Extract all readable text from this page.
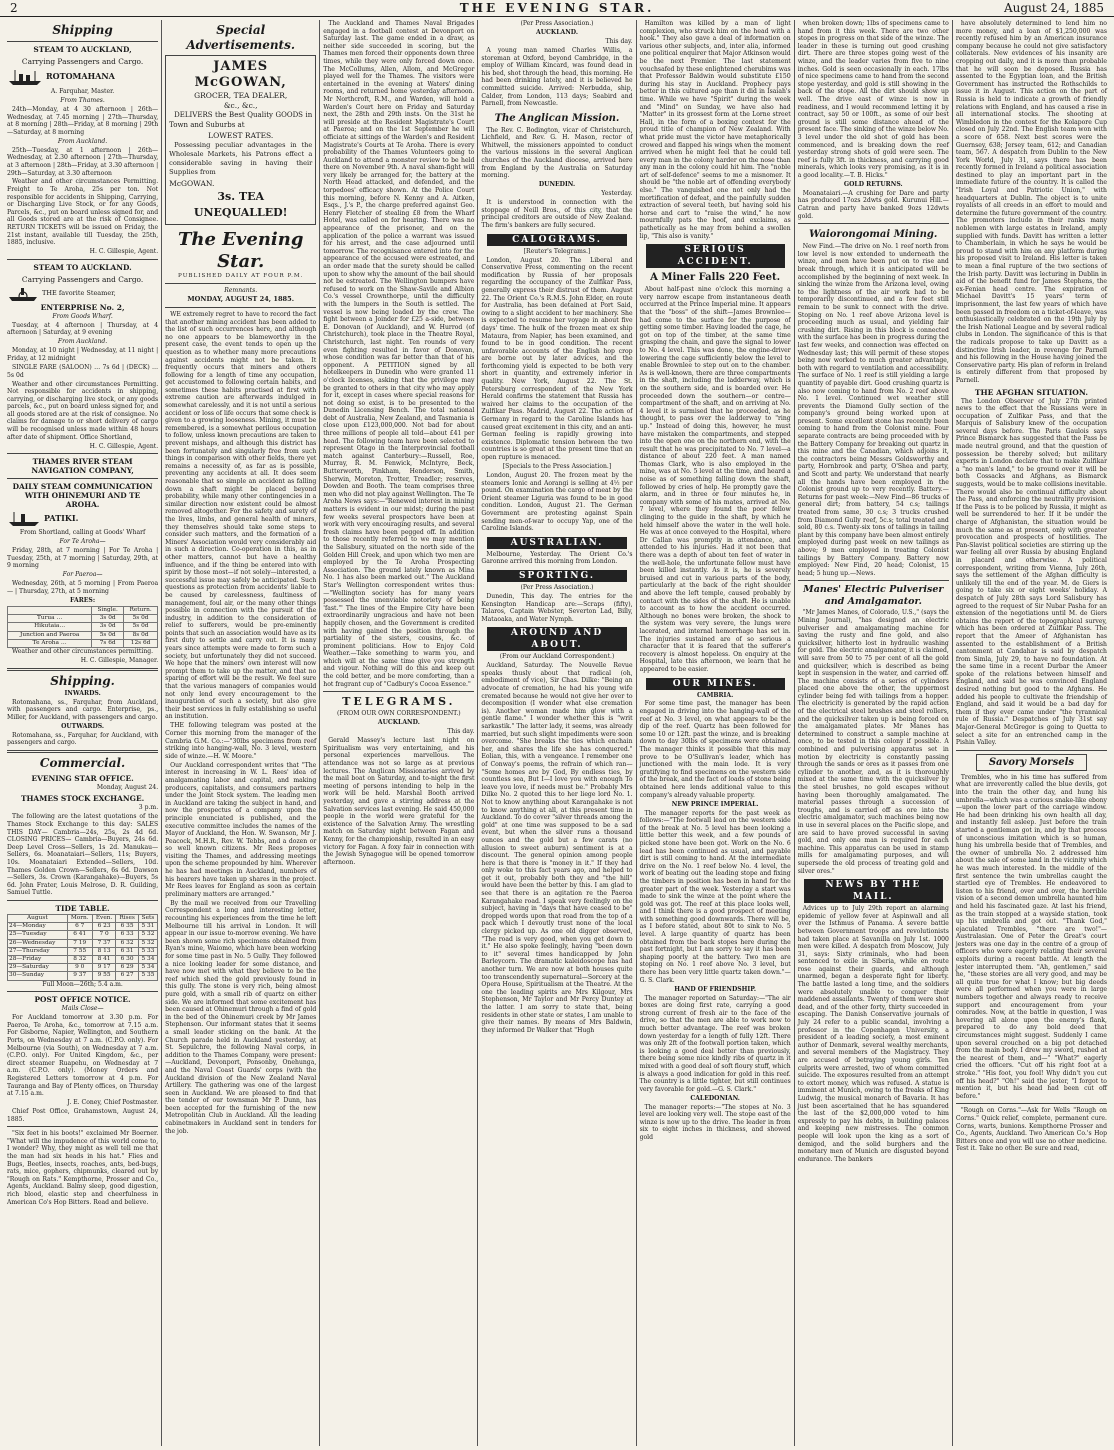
2	THE EVENING STAR.	August 24, 1885
Shipping
STEAM TO AUCKLAND,
Carrying Passengers and Cargo.
ROTOMAHANA

A. Farquhar, Master.

From Thames.

24th—Monday, at 4 30 afternoon | 26th—Wednesday, at 7.45 morning | 27th—Thursday, at 8 morning | 28th—Friday, at 8 morning | 29th—Saturday, at 8 morning

From Auckland.

25th—Tuesday, at 1 afternoon | 26th—Wednesday, at 2.30 afternoon | 27th—Thursday, at 3 afternoon | 28th—Friday, at 3.30 afternoon | 29th—Saturday, at 3.30 afternoon

Weather and other circumstances Permitting. Freight to Te Aroha, 25s per ton. Not responsible for accidents in Shipping, Carrying, or Discharging Live Stock, or for any Goods, Parcels, &c., put on board unless signed for, and all Goods stored are at the risk of Consignee. RETURN TICKETS will be issued on Friday, the 21st instant, available till Tuesday, the 25th, 1885, inclusive.

H. C. Gillespie, Agent.

STEAM TO AUCKLAND.
Carrying Passengers and Cargo.
THE favorite Steamer,

ENTERPRISE No. 2,

From Goods Wharf.

Tuesday, at 4 afternoon | Thursday, at 4 afternoon | Saturday, at 9 evening

From Auckland.

Monday, at 10 night | Wednesday, at 11 night | Friday, at 12 midnight

SINGLE FARE (SALOON) … 7s 6d | (DECK) … 5s 0d

Weather and other circumstances Permitting. Not responsible for accidents in shipping, carrying, or discharging live stock, or any goods parcels, &c., put on board unless signed for, and all goods stored are at the risk of consignee. No claims for damage to or short delivery of cargo will be recognised unless made within 48 hours after date of shipment. Office Shortland,

H. C. Gillespie, Agent.

THAMES RIVER STEAM NAVIGATION COMPANY,
DAILY STEAM COMMUNICATION WITH OHINEMURI AND TE AROHA.
PATIKI.

From Shortland, calling at Goods' Wharf

For Te Aroha—

Friday, 28th, at 7 morning | For Te Aroha | Tuesday, 25th, at 7 morning | Saturday, 29th, at 9 morning

For Paeroa—

Wednesday, 26th, at 5 morning | From Paeroa— | Thursday, 27th, at 5 morning

FARES:

	Single.	Return.
Turua …	3s 0d	5s 0d
Hikutaia…	3s 0d	5s 0d
Junction and Paeroa	5s 0d	8s 0d
Te Aroha …	7s 6d	12s 6d

Weather and other circumstances permitting.

H. C. Gillespie, Manager.

Shipping.

INWARDS.

Rotomahana, ss., Farquhar, from Auckland, with passengers and cargo. Enterprise, ps., Miller, for Auckland, with passengers and cargo.

OUTWARDS.

Rotomahana, ss., Farquhar, for Auckland, with passengers and cargo.

Commercial.
EVENING STAR OFFICE.

Monday, August 24.

THAMES STOCK EXCHANGE.

3 p.m.

The following are the latest quotations of the Thames Stock Exchange to this day: SALES THIS DAY— Cambria—24s, 25s, 2s 4d 6d. CLOSING PRICES— Cambria—Buyers, 24s 6d. Deep Level Cross—Sellers, 1s 2d. Manukau—Sellers, 6s. Moanataiari—Sellers, 11s; Buyers, 10s. Moanataiari Extended—Sellers, 10d. Thames Golden Crown—Sellers, 6s 6d. Dawson—Sellers, 3s. Crown (Karangahake)—Buyers, 5s 6d. John Frater, Louis Melrose, D. R. Guilding, Samuel Tuttle.

TIDE TABLE.
August	Morn.	Even.	Rises	Sets
24—Monday	6 7	6 23	6 35	5 31
25—Tuesday	6 41	7 0	6 33	5 32
26—Wednesday	7 19	7 37	6 32	5 32
27—Thursday	7 55	8 13	6 31	5 33
28—Friday	8 32	8 41	6 30	5 34
29—Saturday	9 0	9 17	6 29	5 34
30—Sunday	9 37	9 55	6 27	5 35

Full Moon—26th; 5.4 a.m.

POST OFFICE NOTICE.

Mails Close—

For Auckland tomorrow at 3.30 p.m. For Paeroa, Te Aroha, &c., tomorrow at 7.15 a.m. For Gisborne, Napier, Wellington, and Southern Ports, on Wednesday at 7 a.m. (C.P.O. only). For Melbourne (via South), on Wednesday at 7 a.m. (C.P.O. only). For United Kingdom, &c., per direct steamer Ruapehu, on Wednesday at 7 a.m. (C.P.O. only). (Money Orders and Registered Letters tomorrow at 4 p.m. For Tauranga and Bay of Plenty offices, on Thursday at 7.15 a.m.

J. E. Coney, Chief Postmaster.

Chief Post Office, Grahamstown, August 24, 1885.

"Six feet in his boots!" exclaimed Mr Boerner. "What will the impudence of this world come to, I wonder? Why, they might as well tell me that the man had six heads in his hat." Flies and Bugs, Beetles, insects, roaches, ants, bed-bugs, rats, mice, gophers, chipmunks, cleared out by "Rough on Rats." Kempthorne, Prosser and Co., Agents, Auckland. Balmy sleep, good digestion, rich blood, elastic step and cheerfulness in American Co's Hop Bitters. Read and believe.

Special Advertisements.
JAMES McGOWAN,
GROCER, TEA DEALER,
&c., &c.,

DELIVERS the Best Quality GOODS in Town and Suburbs at

LOWEST RATES.

Possessing peculiar advantages in the Wholesale Markets, his Patrons effect a considerable saving in having their Supplies from

McGOWAN.
3s. TEA UNEQUALLED!
The Evening Star.
PUBLISHED DAILY AT FOUR P.M.

Remnants.

MONDAY, AUGUST 24, 1885.

WE extremely regret to have to record the fact that another mining accident has been added to the list of such occurrences here, and although no one appears to be blameworthy in the present case, the event tends to open up the question as to whether many more precautions against accidents might not be taken. It frequently occurs that miners and others following for a length of time any occupation, get accustomed to following certain habits, and sometimes these habits practised at first with extreme caution are afterwards indulged in somewhat carelessly, and it is not until a serious accident or loss of life occurs that some check is given to a growing looseness. Mining, it must be remembered, is a somewhat perilous occupation to follow, unless known precautions are taken to prevent mishaps, and although this district has been fortunately and singularly free from such things in comparison with other fields, there yet remains a necessity of, as far as is possible, preventing any accidents at all. It does seem reasonable that so simple an accident as falling down a shaft might be placed beyond probability, while many other contingencies in a similar direction now existent could be almost removed altogether. For the safety and surety of the lives, limbs, and general health of miners, they themselves should take some steps to consider such matters, and the formation of a Miners' Association would very considerably aid in such a direction. Co-operation in this, as in other matters, cannot but have a healthy influence, and if the thing be entered into with spirit by those most—if not solely—interested, a successful issue may safely be anticipated. Such questions as protection from accidents' liable to be caused by carelessness, faultiness of management, foul air, or the many other things possible in connection with the pursuit of the industry, in addition to the consideration of relief to sufferers, would be pre-eminently points that such an association would have as its first duty to settle and carry out. It is many years since attempts were made to form such a society, but unfortunately they did not succeed. We hope that the miners' own interest will now prompt them to take up the matter, and that no sparing of effort will be the result. We feel sure that the various managers of companies would not only lend every encouragement to the inauguration of such a society, but also give their best services in fully establishing so useful an institution.

THE following telegram was posted at the Corner this morning from the manager of the Cambria G.M. Co.:—"30lbs specimens from reef striking into hanging-wall, No. 3 level, western side of winze.—H. W. Moore."

Our Auckland correspondent writes that "The interest in increasing in W. L. Rees' idea of amalgamating labor and capital, and making producers, capitalists, and consumers partners under the Joint Stock system. The leading men in Auckland are taking the subject in hand, and now the prospectus of a company upon the principle enunciated is published, and the executive committee includes the names of the Mayor of Auckland, the Hon. W. Swanson, Mr J. Peacock, M.H.R., Rev. W. Tebbs, and a dozen or so well known citizens. Mr Rees proposes visiting the Thames, and addressing meetings upon the scheme propounded by him. Wherever he has had meetings in Auckland, numbers of his hearers have taken up shares in the project. Mr Rees leaves for England as soon as certain preliminary matters are arranged."

By the mail we received from our Travelling Correspondent a long and interesting letter, recounting his experiences from the time he left Melbourne till his arrival in London. It will appear in our issue to-morrow evening. We have been shown some rich specimens obtained from Ryan's mine, Waiomo, which have been working for some time past in No. 5 Gully. They followed a nice looking leader for some distance, and have now met with what they believe to be the reef which shed the gold previously found in this gully. The stone is very rich, being almost pure gold, with a small rib of quartz on either side. We are informed that some excitement has been caused at Ohinemuri through a find of gold in the bed of the Ohinemuri creek by Mr James Stephenson. Our informant states that it seems a small leader sticking on the bank. At the Church parade held in Auckland yesterday, at St. Sepulchre, the following Naval corps, in addition to the Thames Company, were present:—Auckland, Devonport, Ponsonby, Onehunga, and the Naval Coast Guards' corps (with the Auckland division of the New Zealand Naval Artillery. The gathering was one of the largest seen in Auckland. We are pleased to find that the tender of our townsman Mr P. Dunn, has been accepted for the furnishing of the new Metropolitan Club in Auckland. All the leading cabinetmakers in Auckland sent in tenders for the job.

The Auckland and Thames Naval Brigades engaged in a football contest at Devonport on Saturday last. The game ended in a draw, as neither side succeeded in scoring, but the Thames men forced their opponents down three times, while they were only forced down once. The McCollums, Allen, Allom, and McGregor played well for the Thames. The visitors were entertained in the evening at Waters' dining rooms, and returned home yesterday afternoon. Mr Northcroft, R.M., and Warden, will hold a Warden's Court here on Friday and Saturday next, the 28th and 29th insts. On the 31st he will preside at the Resident Magistrate's Court at Paeroa; and on the 1st September he will officiate at sittings of the Warden's and Resident Magistrate's Courts at Te Aroha. There is every probability of the Thames Volunteers going to Auckland to attend a monster review to be held there on November 9th. A naval sham-fight will very likely be arranged for, the battery at the North Head attacked, and defended, and the torpedoes' efficacy shown. At the Police Court this morning, before N. Kenny and A. Aitken, Esqs., J.'s P., the charge preferred against Geo. Henry Fletcher of stealing £8 from the Wharf Hotel, was called on for hearing. There was no appearance of the prisoner, and on the application of the police a warrant was issued for his arrest, and the case adjourned until tomorrow. The recognisance entered into for the appearance of the accused were estreated, and an order made that the surety should be called upon to show why the amount of the bail should not be estreated. The Wellington bumpers have refused to work on the Shaw-Savile and Albion Co.'s vessel Crownthorpe, until the difficulty with the lumpers in the South is settled. The vessel is now being loaded by the crew. The fight between a Joinder for £25 a-side, between E. Donovan (of Auckland), and W. Hurrod (of Christchurch), took place in the Theatre Royal, Christchurch, last night. Ten rounds of very even fighting resulted in favor of Donovan, whose condition was far better than that of his opponent. A PETITION signed by all hotelkeepers in Dunedin who were granted 11 o'clock licenses, asking that the privilege may be granted to others in that city who may apply for it, except in cases where special reasons for not doing so exist, is to be presented to the Dunedin Licensing Bench. The total national debt of Australia, New Zealand, and Tasmania is close upon £123,000,000. Not bad for about three millions of people all told—about £41 per head. The following team have been selected to represent Otago in the Interprovincial football match against Canterbury:—Russell, Roe, Murray, R. M. Fenwick, McIntyre, Beck, Butterworth, Pinkham, Henderson, Smith, Sherwin, Moreton, Trotter, Treadler; reserves, Dowden and Booth. The team comprises three men who did not play against Wellington. The Te Aroha News says:—"Renewed interest in mining matters is evident in our midst; during the past few weeks several prospectors have been at work with very encouraging results, and several fresh claims have been pegged off. In addition to those recently referred to we may mention the Salisbury, situated on the north side of the Golden Hill Creek, and upon which two men are employed by the Te Aroha Prospecting Association. The ground lately known as Mina No. 1 has also been marked out." The Auckland Star's Wellington correspondent writes thus:—"Wellington society has for many years possessed the unenviable notoriety of being 'fast.'" The lines of the Empire City have been extraordinarily ungracious and have not been happily chosen, and the Government is credited with having gained the position through the partiality of the sisters, cousins, &c. of prominent politicians. How to Enjoy Cold Weather.—Take something to warm you, and which will at the same time give you strength and vigour. Nothing will do this and keep out the cold better, and be more comforting, than a hot fragrant cup of "Cadbury's Cocoa Essence."

TELEGRAMS.

(FROM OUR OWN CORRESPONDENT.)

AUCKLAND.

This day.

Gerald Massey's lecture last night on Spiritualism was very entertaining, and his personal experiences marvellous. The attendance was not so large as at previous lectures. The Anglican Missionaries arrived by the mail boat on Saturday, and to-night the first meeting of persons intending to help in the work will be held. Marshal Booth arrived yesterday, and gave a stirring address at the Salvation services last evening. He said 450,000 people in the world were grateful for the existence of the Salvation Army. The wrestling match on Saturday night between Fagan and Kenny, for the championship, resulted in an easy victory for Fagan. A foxy fair in connection with the Jewish Synagogue will be opened tomorrow afternoon.

(Per Press Association.)

AUCKLAND.

This day.

A young man named Charles Willis, a storeman at Oxford, beyond Cambridge, in the employ of William Kincard, was found dead in his bed, shot through the head, this morning. He had been drinking lately, and it is believed he committed suicide. Arrived: Nerbudda, ship, Calder, from London, 113 days; Seabird and Parnell, from Newcastle.

The Anglican Mission.

The Rev. C. Bodington, vicar of Christchurch, Lichfield, and Rev. G. H. Mason, rector of Whitwell, the missioners appointed to conduct the various missions in the several Anglican churches of the Auckland diocese, arrived here from England by the Australia on Saturday morning.

DUNEDIN.

Yesterday.

It is understood in connection with the stoppage of Neill Bros., of this city, that the principal creditors are outside of New Zealand. The firm's bankers are fully secured.

CALOGRAMS.

[Reuter's Telegrams.]

London, August 20. The Liberal and Conservative Press, commenting on the recent modification by Russia of her proposals regarding the occupancy of the Zulfikar Pass, generally express their distrust of them. August 22. The Orient Co.'s R.M.S. John Elder, en route for Australia, has been detained at Port Said, owing to a slight accident to her machinery. She is expected to resume her voyage in about five days' time. The hulk of the frozen meat ex ship Mataura, from Napier, has been examined, and found to be in good condition. The recent unfavorable accounts of the English hop crop are borne out by later advices, and the forthcoming yield is expected to be both very short in quantity, and extremely inferior in quality. New York, August 22. The St. Petersburg correspondent of the New York Herald confirms the statement that Russia has waived her claims to the occupation of the Zulfikar Pass. Madrid, August 22. The action of Germany in regard to the Caroline Islands has caused great excitement in this city, and an anti-German feeling is rapidly growing into existence. Diplomatic tension between the two countries is so great at the present time that an open rupture is menaced.

[Specials to the Press Association.]

London, August 20. The frozen meat by the steamers Ionic and Aorangi is selling at 4½ per pound. On examination the cargo of meat by the Orient steamer Liguria was found to be in good condition. London, August 21. The German Government are protesting against Spain sending men-of-war to occupy Yap, one of the Caroline Islands.

AUSTRALIAN.

Melbourne, Yesterday. The Orient Co.'s Garonne arrived this morning from London.

SPORTING.

(Per Press Association.)

Dunedin, This day. The entries for the Kensington Handicap are:—Scraps (fifty), Talaros, Captain Webster, Severton Lad, Billy, Mataoaka, and Water Nymph.

AROUND AND ABOUT.

(From our Auckland Correspondent.)

Auckland, Saturday. The Nouvelle Revue speaks thusly about that radical (oh, embodiment of vice), Sir Chas. Dilke: "Being an advocate of cremation, he had his young wife cremated because he would not give her over to decomposition (I wonder what else cremation is). Another woman made him glow with a gentle flame." I wonder whether this is "writ sarkastik." The latter lady, it seems, was already married, but such slight impediments were soon overcome. "She breaks the ties which enchain her, and shares the life she has conquered." Eolian, this, with a vengeance. I remember one of Conway's poems, the refrain of which ran— "Some homes are by God, By endless ties, by countless sea, But I—I love you with enough To leave you love, if needs must be." Probably Mrs Dilke No. 2 quoted this to her liege lord No. 1. Not to know anything about Karangahake is not to know anything at all, at this present time in Auckland. To do cover "silver threads among the gold" at one time was supposed to be a sad event, but when the silver runs a thousand ounces and the gold but a few carats (no allusion to sweet auburn) sentiment is at a discount. The general opinion among people here is that there is "money in it." If they had only woke to this fact years ago, and helped to get it out, probably both they and "the hill" would have been the better by this. I am glad to see that there is an agitation re the Paeroa Karangahake road. I speak very feelingly on the subject, having in "days that have ceased to be" dropped words upon that road from the top of a pack which I devoutly trust none of the local clergy picked up. As one old digger observed, "The road is very good, when you get down to it." He also spoke feelingly, having "been down to it" several times handicapped by John Barleycorn. The dramatic kaleidoscope has had another turn. We are now at both houses quite too transcendently supernatural—Sorcery at the Opera House, Spiritualism at the Theatre. At the one the leading spirits are Mrs Kilgour, Mrs Stephenson, Mr Taylor and Mr Percy Duntey at the latter. I am sorry to state that, being residents in other state or states, I am unable to give their names. By means of Mrs Baldwin, they informed Dr Walker that "Hugh

Hamilton was killed by a man of light complexion, who struck him on the head with a hook." They also gave a deal of information on various other subjects, and, inter alia, informed one political enquirer that Major Atkinson would be the next Premier. The last statement vouchsafed by these enlightened cherubims was that Professor Baldwin would substitute £150 during his stay in Auckland. Prophecy pays better in this cultured age than it did in Isaiah's time. While we have "Spirit" during the week and "Mind" on Sunday, we have also had "Matter" in its grossest form at the Lorne street Hall, in the form of a boxing contest for the proud title of champion of New Zealand. With what pride must the victor have metaphorically crowed and flapped his wings when the moment arrived when he might feel that he could tell every man in the colony harder on the nose than any man in the colony could hit him. The "noble art of self-defence" seems to me a misnomer. It should be "the noble art of offending everybody else." The vanquished one not only had the mortification of defeat, and the painfully sudden extraction of several teeth, but having sold his horse and cart to "raise the wind," he now mournfully pats the hoof, and exclaims, as pathetically as he may from behind a swollen lip, "This also is vanity."

SERIOUS ACCIDENT.
A Miner Falls 220 Feet.

About half-past nine o'clock this morning a very narrow escape from instantaneous death occurred at the Prince Imperial mine. It appears that the "boss" of the shift—James Brownlee—had come to the surface for the purpose of getting some timber. Having loaded the cage, he got on top of the timber, at the same time grasping the chain, and gave the signal to lower to No. 4 level. This was done, the engine-driver lowering the cage sufficiently below the level to enable Brownlee to step out on to the chamber. As is well-known, there are three compartments in the shaft, including the ladderway, which is on the southern side, and is boarded over. He proceeded down the southern—or centre—compartment of the shaft, and on arriving at No. 4 level it is surmised that he proceeded, as he thought, to pass over the ladderway to "ring up." Instead of doing this, however, he must have mistaken the compartments, and stepped into the open one on the northern end, with the result that he was precipitated to No. 7 level—a distance of about 220 feet. A man named Thomas Clark, who is also employed in the mine, was at No. 5 level at the time, and heard a noise as of something falling down the shaft, followed by cries of help. He promptly gave the alarm, and in three or four minutes he, in company with some of his mates, arrived at No. 7 level, where they found the poor fellow clinging to the guide in the shaft, by which he held himself above the water in the well hole. He was at once conveyed to the Hospital, where Dr Callan was promptly in attendance, and attended to his injuries. Had it not been that there was a depth of about ten feet of water in the well-hole, the unfortunate fellow must have been killed instantly. As it is, he is severely bruised and cut in various parts of the body, particularly at the back of the right shoulder and above the left temple, caused probably by contact with the sides of the shaft. He is unable to account as to how the accident occurred. Although no bones were broken, the shock to the system was very severe, the lungs were lacerated, and internal hemorrhage has set in. The injuries sustained are of so serious a character that it is feared that the sufferer's recovery is almost hopeless. On enquiry at the Hospital, late this afternoon, we learn that he appeared to be easier.

OUR MINES.

CAMBRIA.

For some time past, the manager has been engaged in driving into the hanging-wall of the reef at No. 3 level, on what appears to be the dip of the reef. Quartz has been followed for some 10 or 12ft. past the winze, and is breaking down to day 30lbs of specimens were obtained. The manager thinks it possible that this may prove to be O'Sullivan's leader, which has junctioned with the main lode. It is very gratifying to find specimens on the western side of the break, and the fact of loads of stone being obtained here lends additional value to this company's already valuable property.

NEW PRINCE IMPERIAL.

The manager reports for the past week as follows:—"The footwall lead on the western side of the break at No. 5 level has been looking a little better this week, and a few pounds of picked stone have been got. Work on the No. 6 lead has been continued as usual, and payable dirt is still coming to hand. At the intermediate drive on the No. 1 reef below No. 4 level, the work of beating out the leading stope and fixing the timbers in position has been in hand for the greater part of the week. Yesterday a start was made to sink the winze at the point where the gold was got. The reef at this place looks well, and I think there is a good prospect of meeting with something good downwards. There will be, as I before stated, about 80t to sink to No. 5 level. A large quantity of quartz has been obtained from the back stopes here during the past fortnight, but I am sorry to say it has been shaping poorly at the battery. Two men are stoping on No. 1 reef above No. 3 level, but there has been very little quartz taken down."—G. S. Clark.

HAND OF FRIENDSHIP.

The manager reported on Saturday:—"The air boxes are doing first rate, carrying a good strong current of fresh air to the face of the drive, so that the men are able to work now to much better advantage. The reef was broken down yesterday for a length of fully 12ft. There was only 2ft of the footwall portion taken, which is looking a good deal better than previously, there being some nice kindly ribs of quartz in it mixed with a good deal of soft floury stuff, which is always a good indication for gold in this reef. The country is a little tighter, but still continues very favorable for gold.—G. S. Clark."

CALEDONIAN.

The manager reports:—"The stopes at No. 3 level are looking very well. The stope east of the winze is now up to the drive. The leader in from six to eight inches in thickness, and showed gold

when broken down; 1lbs of specimens came to hand from it this week. There are two other stopes in progress on that side of the winze. The leader in these is turning out good crushing dirt. There are three stopes going west of the winze, and the leader varies from five to nine inches. Gold is seen occasionally in each. 17lbs of nice specimens came to hand from the second stope yesterday, and gold is still showing in the back of the stope. All the dirt should show up well. The drive east of winze is now in readiness, and I would recommend letting it by contract, say 50 or 100ft., as some of our best ground is still some distance ahead of the present face. The sinking of the winze below No. 3 level under the old shot of gold has been commenced, and is breaking down the reef yesterday strong shots of gold were seen. The reef is fully 3ft. in thickness, and carrying good minerals, which looks very promising, as it is in a good locality.—T. B. Hicks."

GOLD RETURNS.

Moanataiari.—A crushing for Dare and party has produced 17ozs 2dwts gold. Kurunui Hill.—Catran and party have banked 9ozs 12dwts gold.

Waiorongomai Mining.

New Find.—The drive on No. 1 reef north from low level is now extended to underneath the winze, and men have been put on to rise and break through, which it is anticipated will be accomplished by the beginning of next week. In sinking the winze from the Arizona level, owing to the lightness of the air work had to be temporarily discontinued, and a few feet still remain to be sunk to connect with the drive. Stoping on No. 1 reef above Arizona level is proceeding much as usual, and yielding fair crushing dirt. Rising in this block is connected with the surface has been in progress during the last few weeks, and connection was effected on Wednesday last; this will permit of these stopes being now worked to much greater advantage, both with regard to ventilation and accessibility. The surface of No. 1 reef is still yielding a large quantity of payable dirt. Good crushing quartz is also now coming to hand from No. 2 reef above No. 1 level. Continued wet weather still prevents the Diamond Gully section of the company's ground being worked upon at present. Some excellent stone has recently been coming to hand from the Colonist mine. Four separate contracts are being proceeded with by the Battery Company for breaking out quartz in this mine and the Canadian, which adjoins it, the contractors being Messrs Goldsworthy and party, Hornbrook and party, O'Shea and party, and Scott and party. We understand that nearly all the hands have been employed in the Colonist ground up to very recently. Battery.—Returns for past week:—New Find—86 trucks of general dirt; from battery, 54 c.s; tailings treated from same, 30 c.s; 3 trucks crushed from Diamond Gully reef, 5c.s; total treated and sold, 80 c.s. Twenty-six tons of tailings in tailing plant by this company have been almost entirely employed during past week on new tailings as above; 9 men employed in treating Colonist tailings by Battery Company. Battery now employed: New Find, 20 head; Colonist, 15 head; 5 hung up.—News.

Manes' Electric Pulveriser and Amalgamator.

"Mr James Manes, of Colorado, U.S.," (says the Mining Journal), "has designed an electric pulveriser and amalgamating machine for saving the rusty and fine gold, and also quicksilver, hitherto lost in hydraulic washing for gold. The electric amalgamator, it is claimed, will save from 50 to 75 per cent of all the gold and quicksilver, which is described as being kept in suspension in the water, and carried off. The machine consists of a series of cylinders placed one above the other, the uppermost cylinder being fed with tailings from a hopper. The electricity is generated by the rapid action of the electrical steel brushes and steel rollers, and the quicksilver taken up is being forced on the amalgamated plates. Mr Manes has determined to construct a sample machine at once, to be tested in this colony if possible. A combined and pulverising apparatus set in motion by electricity is constantly passing through the sands or ores as it passes from one cylinder to another, and, as it is thoroughly mixed at the same time with the quicksilver by the steel brushes, no gold escapes without having been thoroughly amalgamated. The material passes through a succession of troughs, and is carried off as ore into the electric amalgamator, such machines being now in use in several places on the Pacific slope, and are said to have proved successful in saving gold, and only one man is required for each machine. This apparatus can be used in stamp mills for amalgamating purposes, and will supersede the old process of treating gold and silver ores."

NEWS BY THE MAIL.

Advices up to July 29th report an alarming epidemic of yellow fever at Aspinwall and all over the Isthmus of Panama. A severe battle between Government troops and revolutionists had taken place at Savanilla on July 1st. 1000 men were killed. A despatch from Moscow, July 31, says: Sixty criminals, who had been sentenced to exile in Siberia, while en route rose against their guards, and although unarmed, began a desperate fight for liberty. The battle lasted a long time, and the soldiers were absolutely unable to conquer their maddened assailants. Twenty of them were shot dead, and of the other forty, thirty succeeded in escaping. The Danish Conservative journals of July 24 refer to a public scandal, involving a professor in the Copenhagen University, a president of a leading society, a most eminent author of Denmark, several wealthy merchants, and several members of the Magistracy. They are accused of betraying young girls. Ten culprits were arrested, two of whom committed suicide. The exposures resulted from an attempt to extort money, which was refused. A statue is imminent at Munich, owing to the freaks of King Ludwig, the musical monarch of Bavaria. It has just been ascertained that he has squandered the last of the $2,000,000 voted to him expressly to pay his debts, in building palaces and keeping new mistresses. The common people will look upon the king as a sort of demigod, and the solid burghers and the monetary men of Munich are disgusted beyond endurance. The bankers

have absolutely determined to lend him no more money, and a loan of $1,250,000 was recently refused him by an American insurance company because he could not give satisfactory collaterals. New evidences of his insanity are cropping out daily, and it is more than probable that he will soon be deposed. Russia has assented to the Egyptian loan, and the British Government has instructed the Rothschilds to issue it in August. This action on the part of Russia is held to indicate a growth of friendly relations with England, and has caused a rise in all international stocks. The shooting at Wimbledon in the contest for the Kolapore Cup closed on July 22nd. The English team won with a score of 658. Next best scores were the Guernsey, 638; Jersey team, 612; and Canadian team, 567. A despatch from Dublin to the New York World, July 31, says there has been recently formed in Ireland a political association destined to play an important part in the immediate future of the country. It is called the "Irish Loyal and Patriotic Union," with headquarters at Dublin. The object is to unite royalists of all creeds in an effort to mould and determine the future government of the country. The promoters include in their ranks many noblemen with large estates in Ireland, amply supplied with funds. Davitt has written a letter to Chamberlain, in which he says he would be proud to stand with him on any platform during his proposed visit to Ireland. His letter is taken to mean a final rupture of the two sections of the Irish party. Davitt was lecturing in Dublin in aid of the benefit fund for James Stephens, the ex-Fenian head centre. The expiration of Michael Davitt's 15 years' term of imprisonment, the last few years of which have been passed in freedom on a ticket-of-leave, was enthusiastically celebrated on the 19th July by the Irish National League and by several radical clubs in London. The significance of this is that the radicals propose to take up Davitt as a distinctive Irish leader, in revenge for Parnell and his following in the House having joined the Conservative party. His plan of reform in Ireland is entirely different from that proposed by Parnell.

THE AFGHAN SITUATION.

The London Observer of July 27th printed news to the effect that the Russians were in occupation of Zulfikar Pass, and that the Marquis of Salisbury knew of the occupation several days before. The Paris Gaulois says Prince Bismarck has suggested that the Pass be made neutral ground, and that the question of possession be thereby solved; but military experts in London declare that to make Zulfikar a "no man's land," to be ground over it will be both Cossacks and Afghans, as Bismarck suggests, would be to make collisions inevitable. There would also be continual difficulty about the Pass, and enforcing the neutrality provision. If the Pass is to be policed by Russia, it might as well be surrendered to her. If it be under the charge of Afghanistan, the situation would be much the same as at present, only with greater provocation and prospects of hostilities. The Pan-Slavist political societies are stirring up the war feeling all over Russia by abusing England in placard and otherwise. A political correspondent, writing from Vienna, July 26th, says the settlement of the Afghan difficulty is unlikely till the end of the year. M. de Giers is going to take six or eight weeks' holiday. A despatch of July 28th says Lord Salisbury has agreed to the request of Sir Nubar Pasha for an extension of the negotiations until M. de Giers obtains the report of the topographical survey, which has been ordered at Zulfikar Pass. The report that the Ameer of Afghanistan has assented to the establishment of a British cantonment at Candahar is said by despatch from Simla, July 29, to have no foundation. At the same time in a recent Durbar the Ameer spoke of the relations between himself and England, and said he was convinced England desired nothing but good to the Afghans. He added his people to cultivate the friendship of England, and said it would be a bad day for them if they ever came under "the tyrannical rule of Russia." Despatches of July 31st say Major-General McGregor is going to Quetta to select a site for an entrenched camp in the Pishin Valley.

Savory Morsels

Trembles, who in his time has suffered from what are irreverently called the blue devils, got into the train the other day, and hung his umbrella—which was a curious snake-like ebony—upon the lower part of the carriage window. He had been drinking his own health all day, and instantly fell asleep. Just before the train started a gentleman got in, and by that process of unconscious imitation which is so human, hung his umbrella beside that of Trembles, and the owner of umbrella No. 2 addressed him about the sale of some land in the vicinity which he was much interested. In the middle of the first sentence the twin umbrellas caught the startled eye of Trembles. He endeavored to listen to his friend, over and over, the horrible vision of a second demon umbrella haunted him and held his fascinated gaze. At last his friend, as the train stopped at a wayside station, took up his umbrella and got out. "Thank God," ejaculated Trembles, "there are two!"—Australasian. One of Peter the Great's court jesters was one day in the centre of a group of officers who were eagerly relating their several exploits during a recent battle. At length the jester interrupted them. "Ah, gentlemen," said he, "these stories are all very good, and may be all quite true for what I know; but big deeds were all performed when you were in large numbers together and always ready to receive support and encouragement from your comrades. Now, at the battle in question, I was hovering all alone upon the enemy's flank, prepared to do any bold deed that circumstances might suggest. Suddenly I came upon several crouched on a big pot detached from the main body. I drew my sword, rushed at the nearest of them, and—" "What?" eagerly cried the officers. "Cut off his right foot at a stroke." "His foot, you fool! Why didn't you cut off his head?" "Oh!" said the jester, "I forgot to mention it, but his head had been cut off before."

"Rough on Corns."—Ask for Wells "Rough on Corns." Quick relief, complete, permanent cure. Corns, warts, bunions. Kempthorne Prosser and Co., Agents, Auckland. Two American Co.'s Hop Bitters once and you will use no other medicine. Test it. Take no other. Be sure and read,
